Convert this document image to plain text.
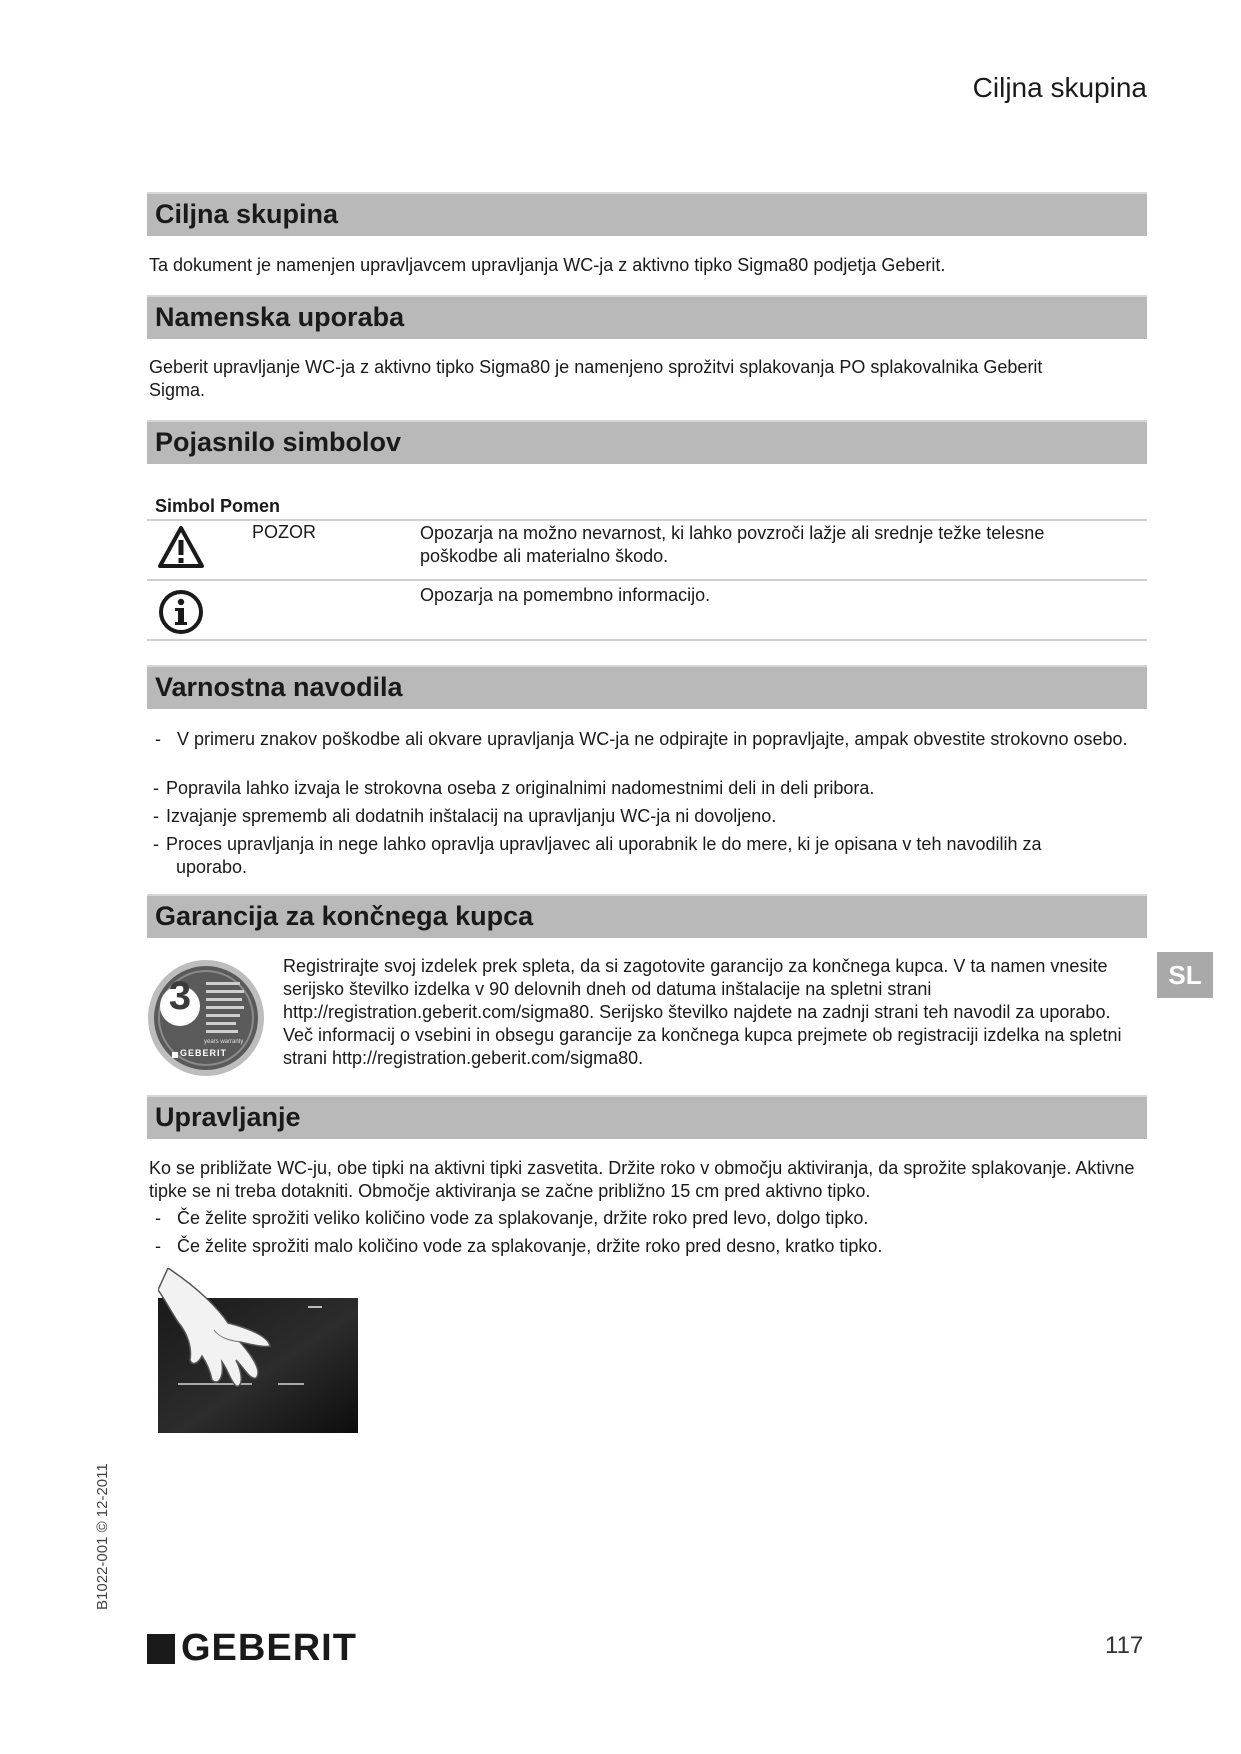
Ciljna skupina
Ciljna skupina
Ta dokument je namenjen upravljavcem upravljanja WC-ja z aktivno tipko Sigma80 podjetja Geberit.
Namenska uporaba
Geberit upravljanje WC-ja z aktivno tipko Sigma80 je namenjeno sprožitvi splakovanja PO splakovalnika Geberit Sigma.
Pojasnilo simbolov
Simbol Pomen
POZOR	Opozarja na možno nevarnost, ki lahko povzroči lažje ali srednje težke telesne poškodbe ali materialno škodo.
Opozarja na pomembno informacijo.
Varnostna navodila
- V primeru znakov poškodbe ali okvare upravljanja WC-ja ne odpirajte in popravljajte, ampak obvestite strokovno osebo.
- Popravila lahko izvaja le strokovna oseba z originalnimi nadomestnimi deli in deli pribora.
- Izvajanje sprememb ali dodatnih inštalacij na upravljanju WC-ja ni dovoljeno.
- Proces upravljanja in nege lahko opravlja upravljavec ali uporabnik le do mere, ki je opisana v teh navodilih za
uporabo.
Garancija za končnega kupca
3
GEBERIT
years warranty
Registrirajte svoj izdelek prek spleta, da si zagotovite garancijo za končnega kupca. V ta namen vnesite serijsko številko izdelka v 90 delovnih dneh od datuma inštalacije na spletni strani http://registration.geberit.com/sigma80. Serijsko številko najdete na zadnji strani teh navodil za uporabo. Več informacij o vsebini in obsegu garancije za končnega kupca prejmete ob registraciji izdelka na spletni strani http://registration.geberit.com/sigma80.
Upravljanje
Ko se približate WC-ju, obe tipki na aktivni tipki zasvetita. Držite roko v območju aktiviranja, da sprožite splakovanje. Aktivne tipke se ni treba dotakniti. Območje aktiviranja se začne približno 15 cm pred aktivno tipko.
- Če želite sprožiti veliko količino vode za splakovanje, držite roko pred levo, dolgo tipko.
- Če želite sprožiti malo količino vode za splakovanje, držite roko pred desno, kratko tipko.
SL
B1022-001 © 12-2011
GEBERIT	117
